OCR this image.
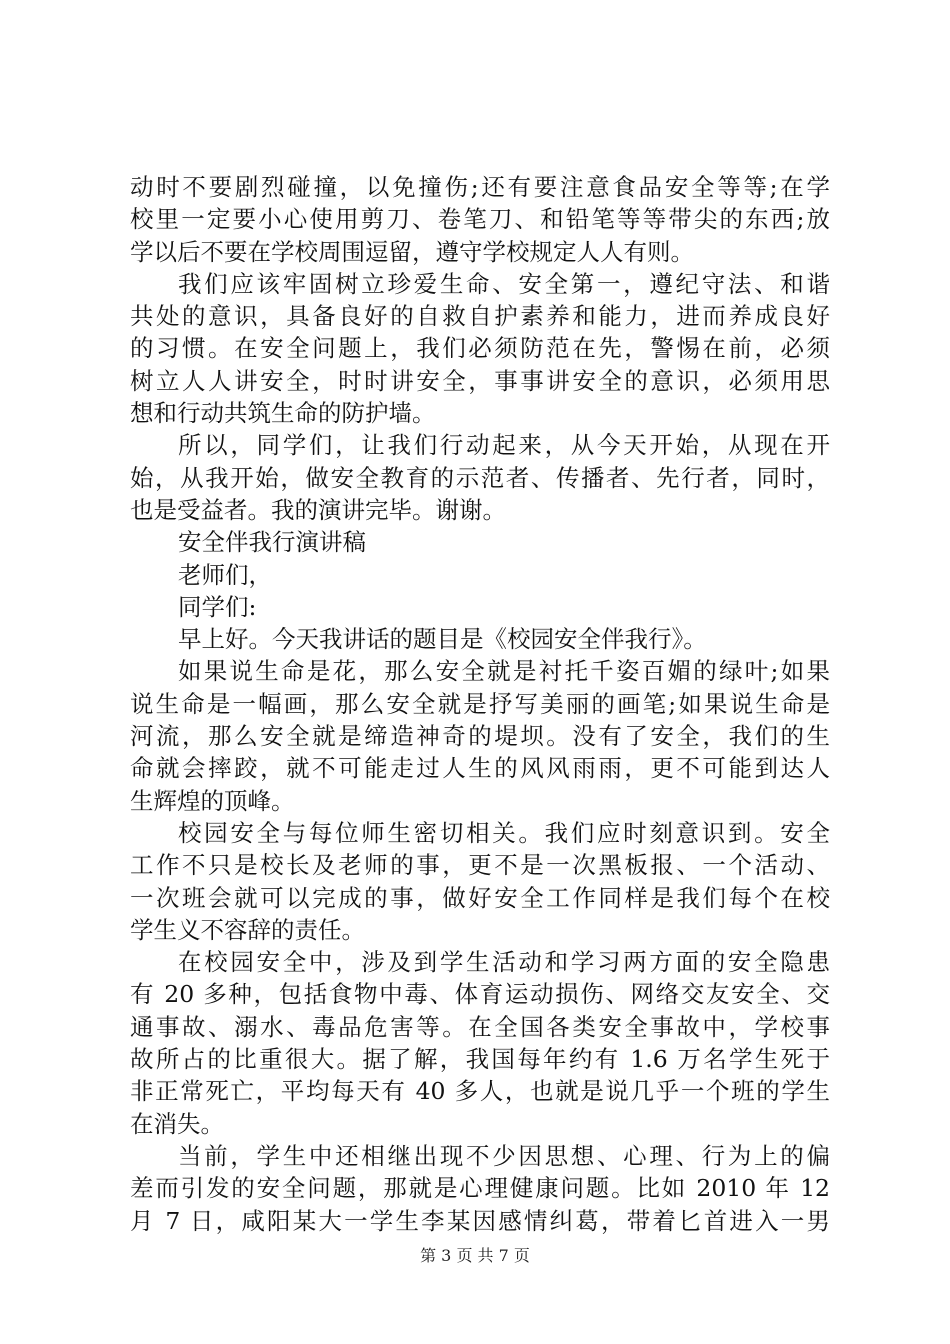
动时不要剧烈碰撞，以免撞伤;还有要注意食品安全等等;在学
校里一定要小心使用剪刀、卷笔刀、和铅笔等等带尖的东西;放
学以后不要在学校周围逗留，遵守学校规定人人有则。
我们应该牢固树立珍爱生命、安全第一，遵纪守法、和谐
共处的意识，具备良好的自救自护素养和能力，进而养成良好
的习惯。在安全问题上，我们必须防范在先，警惕在前，必须
树立人人讲安全，时时讲安全，事事讲安全的意识，必须用思
想和行动共筑生命的防护墙。
所以，同学们，让我们行动起来，从今天开始，从现在开
始，从我开始，做安全教育的示范者、传播者、先行者，同时，
也是受益者。我的演讲完毕。谢谢。
安全伴我行演讲稿
老师们，
同学们:
早上好。今天我讲话的题目是《校园安全伴我行》。
如果说生命是花，那么安全就是衬托千姿百媚的绿叶;如果
说生命是一幅画，那么安全就是抒写美丽的画笔;如果说生命是
河流，那么安全就是缔造神奇的堤坝。没有了安全，我们的生
命就会摔跤，就不可能走过人生的风风雨雨，更不可能到达人
生辉煌的顶峰。
校园安全与每位师生密切相关。我们应时刻意识到。安全
工作不只是校长及老师的事，更不是一次黑板报、一个活动、
一次班会就可以完成的事，做好安全工作同样是我们每个在校
学生义不容辞的责任。
在校园安全中，涉及到学生活动和学习两方面的安全隐患
有 20 多种，包括食物中毒、体育运动损伤、网络交友安全、交
通事故、溺水、毒品危害等。在全国各类安全事故中，学校事
故所占的比重很大。据了解，我国每年约有 1.6 万名学生死于
非正常死亡，平均每天有 40 多人，也就是说几乎一个班的学生
在消失。
当前，学生中还相继出现不少因思想、心理、行为上的偏
差而引发的安全问题，那就是心理健康问题。比如 2010 年 12
月 7 日，咸阳某大一学生李某因感情纠葛，带着匕首进入一男
第 3 页 共 7 页
